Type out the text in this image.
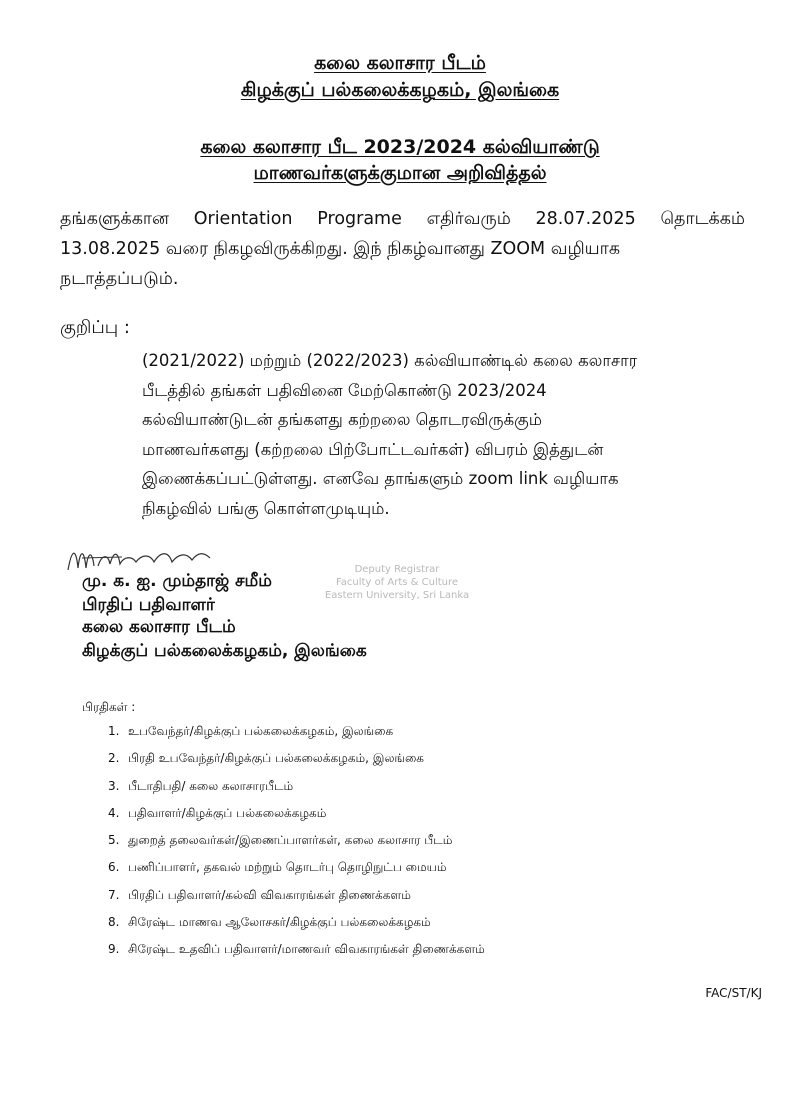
கலை கலாசார பீடம்
கிழக்குப் பல்கலைக்கழகம், இலங்கை
கலை கலாசார பீட 2023/2024 கல்வியாண்டு
மாணவர்களுக்குமான அறிவித்தல்
தங்களுக்கான Orientation Programe எதிர்வரும் 28.07.2025 தொடக்கம்
13.08.2025 வரை நிகழவிருக்கிறது. இந் நிகழ்வானது ZOOM வழியாக
நடாத்தப்படும்.
குறிப்பு :
(2021/2022) மற்றும் (2022/2023) கல்வியாண்டில் கலை கலாசார
பீடத்தில் தங்கள் பதிவினை மேற்கொண்டு 2023/2024
கல்வியாண்டுடன் தங்களது கற்றலை தொடரவிருக்கும்
மாணவர்களது (கற்றலை பிற்போட்டவர்கள்) விபரம் இத்துடன்
இணைக்கப்பட்டுள்ளது. எனவே தாங்களும் zoom link வழியாக
நிகழ்வில் பங்கு கொள்ளமுடியும்.
Deputy Registrar
Faculty of Arts & Culture
Eastern University, Sri Lanka
மு. க. ஐ. மும்தாஜ் சமீம்
பிரதிப் பதிவாளர்
கலை கலாசார பீடம்
கிழக்குப் பல்கலைக்கழகம், இலங்கை
பிரதிகள் :
1. உபவேந்தர்/கிழக்குப் பல்கலைக்கழகம், இலங்கை
2. பிரதி உபவேந்தர்/கிழக்குப் பல்கலைக்கழகம், இலங்கை
3. பீடாதிபதி/ கலை கலாசாரபீடம்
4. பதிவாளர்/கிழக்குப் பல்கலைக்கழகம்
5. துறைத் தலைவர்கள்/இணைப்பாளர்கள், கலை கலாசார பீடம்
6. பணிப்பாளர், தகவல் மற்றும் தொடர்பு தொழிநுட்ப மையம்
7. பிரதிப் பதிவாளர்/கல்வி விவகாரங்கள் திணைக்களம்
8. சிரேஷ்ட மாணவ ஆலோசகர்/கிழக்குப் பல்கலைக்கழகம்
9. சிரேஷ்ட உதவிப் பதிவாளர்/மாணவர் விவகாரங்கள் திணைக்களம்
FAC/ST/KJ
